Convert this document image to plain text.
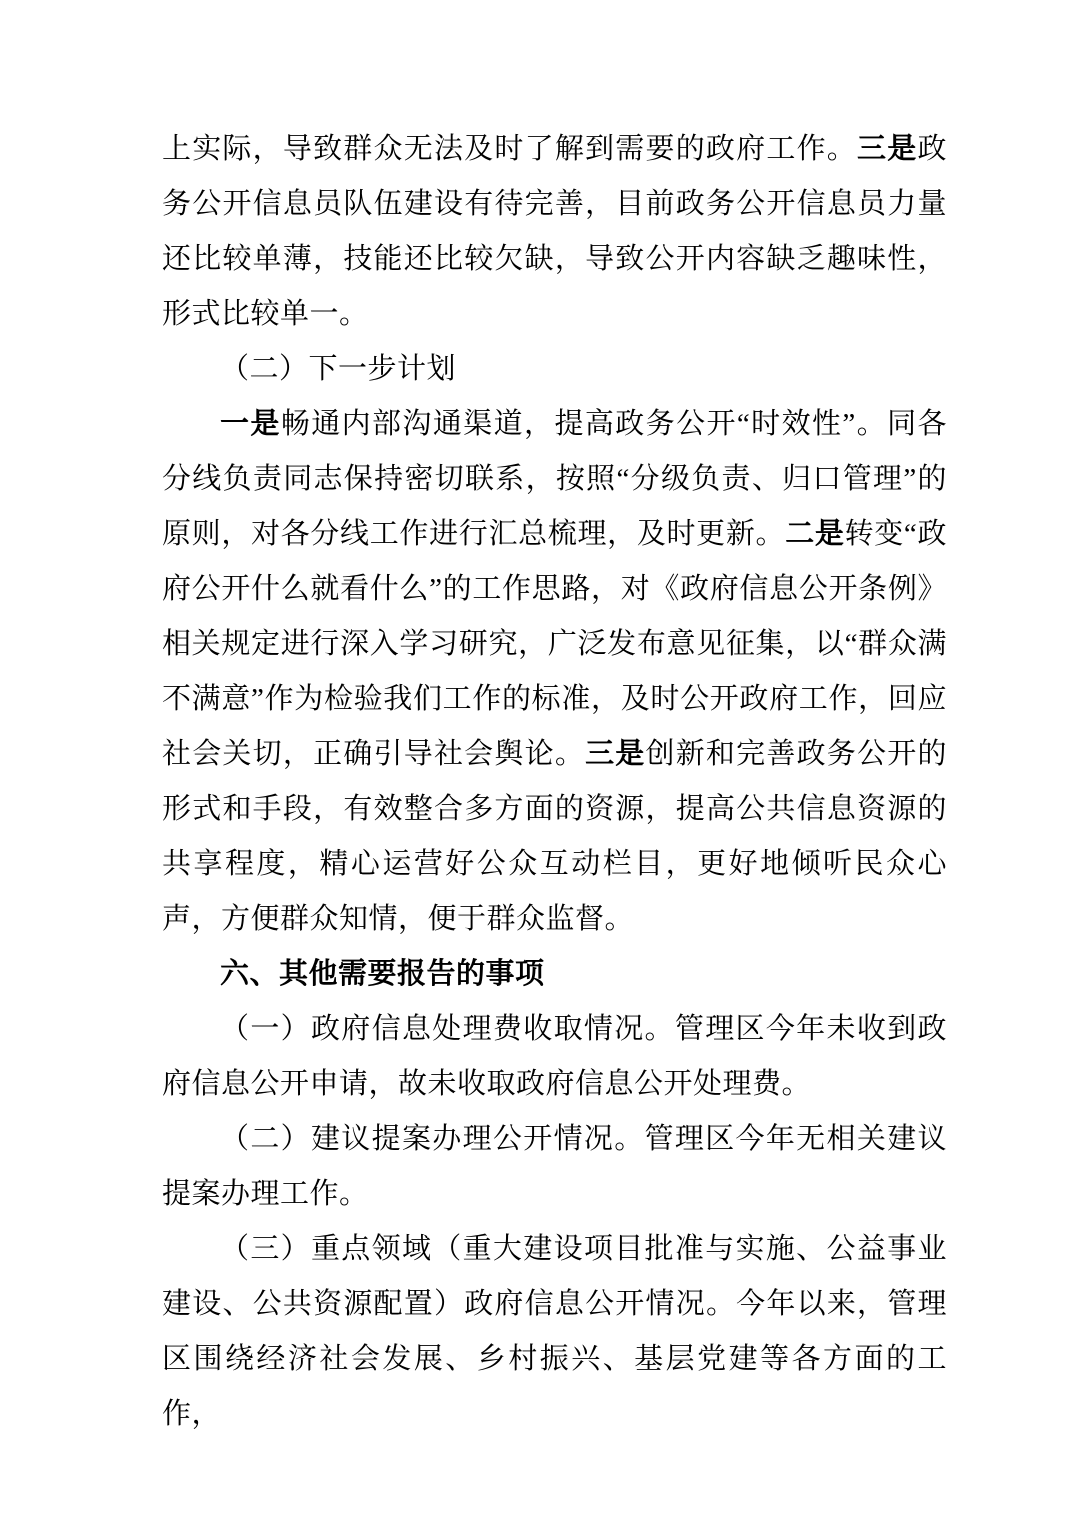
上实际，导致群众无法及时了解到需要的政府工作。三是政务公开信息员队伍建设有待完善，目前政务公开信息员力量还比较单薄，技能还比较欠缺，导致公开内容缺乏趣味性，形式比较单一。

（二）下一步计划

一是畅通内部沟通渠道，提高政务公开“时效性”。同各分线负责同志保持密切联系，按照“分级负责、归口管理”的原则，对各分线工作进行汇总梳理，及时更新。二是转变“政府公开什么就看什么”的工作思路，对《政府信息公开条例》相关规定进行深入学习研究，广泛发布意见征集，以“群众满不满意”作为检验我们工作的标准，及时公开政府工作，回应社会关切，正确引导社会舆论。三是创新和完善政务公开的形式和手段，有效整合多方面的资源，提高公共信息资源的共享程度，精心运营好公众互动栏目，更好地倾听民众心声，方便群众知情，便于群众监督。

六、其他需要报告的事项

（一）政府信息处理费收取情况。管理区今年未收到政府信息公开申请，故未收取政府信息公开处理费。

（二）建议提案办理公开情况。管理区今年无相关建议提案办理工作。

（三）重点领域（重大建设项目批准与实施、公益事业建设、公共资源配置）政府信息公开情况。今年以来，管理区围绕经济社会发展、乡村振兴、基层党建等各方面的工作，
